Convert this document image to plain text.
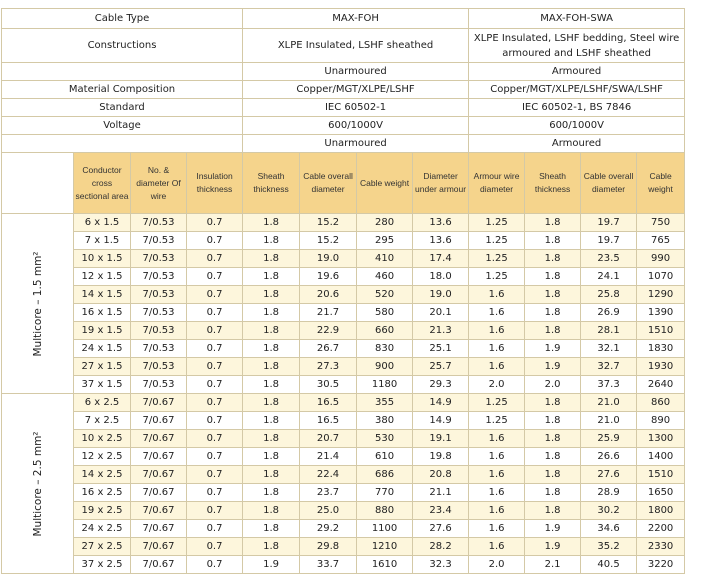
Cable Type				MAX-FOH				MAX-FOH-SWA			
Constructions				XLPE Insulated, LSHF sheathed				XLPE Insulated, LSHF bedding, Steel wire armoured and LSHF sheathed			
				Unarmoured				Armoured			
Material Composition				Copper/MGT/XLPE/LSHF				Copper/MGT/XLPE/LSHF/SWA/LSHF			
Standard				IEC 60502-1				IEC 60502-1, BS 7846			
Voltage				600/1000V				600/1000V			
				Unarmoured				Armoured			
	Conductor cross sectional area	No. & diameter Of wire	Insulation thickness	Sheath thickness	Cable overall diameter	Cable weight	Diameter under armour	Armour wire diameter	Sheath thickness	Cable overall diameter	Cable weight

Multicore – 1.5 mm²	6 x 1.5	7/0.53	0.7	1.8	15.2	280	13.6	1.25	1.8	19.7	750
	7 x 1.5	7/0.53	0.7	1.8	15.2	295	13.6	1.25	1.8	19.7	765
	10 x 1.5	7/0.53	0.7	1.8	19.0	410	17.4	1.25	1.8	23.5	990
	12 x 1.5	7/0.53	0.7	1.8	19.6	460	18.0	1.25	1.8	24.1	1070
	14 x 1.5	7/0.53	0.7	1.8	20.6	520	19.0	1.6	1.8	25.8	1290
	16 x 1.5	7/0.53	0.7	1.8	21.7	580	20.1	1.6	1.8	26.9	1390
	19 x 1.5	7/0.53	0.7	1.8	22.9	660	21.3	1.6	1.8	28.1	1510
	24 x 1.5	7/0.53	0.7	1.8	26.7	830	25.1	1.6	1.9	32.1	1830
	27 x 1.5	7/0.53	0.7	1.8	27.3	900	25.7	1.6	1.9	32.7	1930
	37 x 1.5	7/0.53	0.7	1.8	30.5	1180	29.3	2.0	2.0	37.3	2640

Multicore – 2.5 mm²	6 x 2.5	7/0.67	0.7	1.8	16.5	355	14.9	1.25	1.8	21.0	860
	7 x 2.5	7/0.67	0.7	1.8	16.5	380	14.9	1.25	1.8	21.0	890
	10 x 2.5	7/0.67	0.7	1.8	20.7	530	19.1	1.6	1.8	25.9	1300
	12 x 2.5	7/0.67	0.7	1.8	21.4	610	19.8	1.6	1.8	26.6	1400
	14 x 2.5	7/0.67	0.7	1.8	22.4	686	20.8	1.6	1.8	27.6	1510
	16 x 2.5	7/0.67	0.7	1.8	23.7	770	21.1	1.6	1.8	28.9	1650
	19 x 2.5	7/0.67	0.7	1.8	25.0	880	23.4	1.6	1.8	30.2	1800
	24 x 2.5	7/0.67	0.7	1.8	29.2	1100	27.6	1.6	1.9	34.6	2200
	27 x 2.5	7/0.67	0.7	1.8	29.8	1210	28.2	1.6	1.9	35.2	2330
	37 x 2.5	7/0.67	0.7	1.9	33.7	1610	32.3	2.0	2.1	40.5	3220
